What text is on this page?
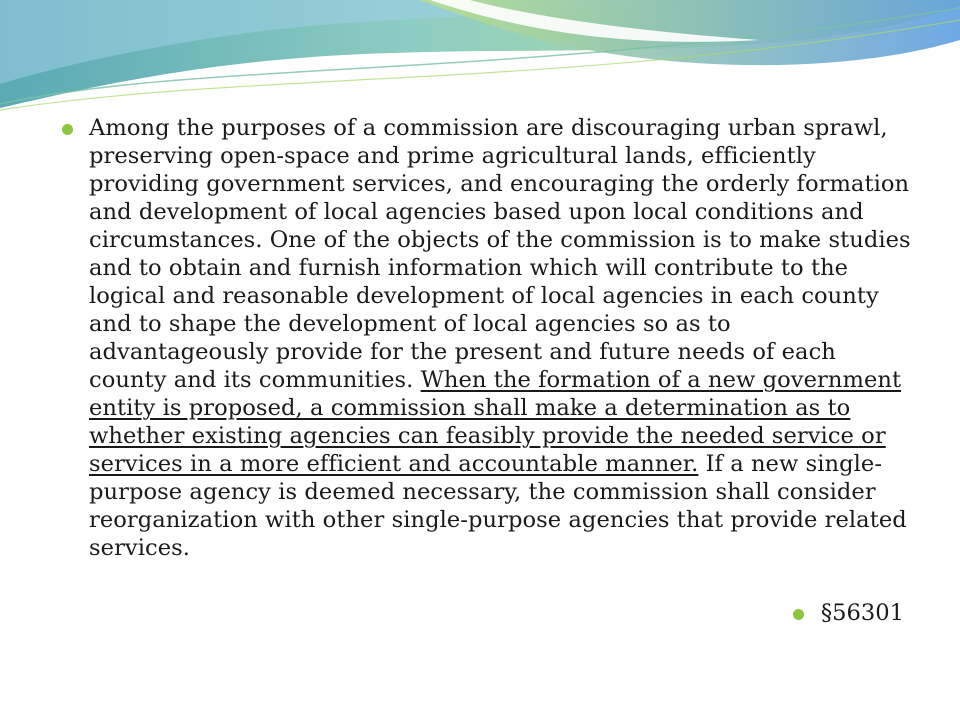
Among the purposes of a commission are discouraging urban sprawl, preserving open-space and prime agricultural lands, efficiently providing government services, and encouraging the orderly formation and development of local agencies based upon local conditions and circumstances. One of the objects of the commission is to make studies and to obtain and furnish information which will contribute to the logical and reasonable development of local agencies in each county and to shape the development of local agencies so as to advantageously provide for the present and future needs of each county and its communities. When the formation of a new government entity is proposed, a commission shall make a determination as to whether existing agencies can feasibly provide the needed service or services in a more efficient and accountable manner. If a new single-purpose agency is deemed necessary, the commission shall consider reorganization with other single-purpose agencies that provide related services.

§56301
